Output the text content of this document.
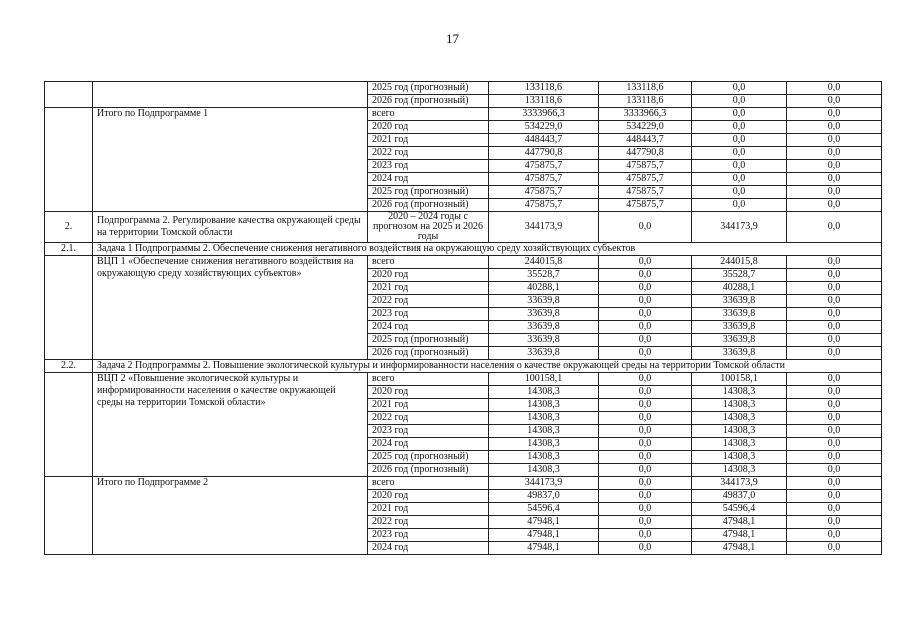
17
		2025 год (прогнозный)	133118,6	133118,6	0,0	0,0
		2026 год (прогнозный)	133118,6	133118,6	0,0	0,0
	Итого по Подпрограмме 1	всего	3333966,3	3333966,3	0,0	0,0
		2020 год	534229,0	534229,0	0,0	0,0
		2021 год	448443,7	448443,7	0,0	0,0
		2022 год	447790,8	447790,8	0,0	0,0
		2023 год	475875,7	475875,7	0,0	0,0
		2024 год	475875,7	475875,7	0,0	0,0
		2025 год (прогнозный)	475875,7	475875,7	0,0	0,0
		2026 год (прогнозный)	475875,7	475875,7	0,0	0,0
2.	Подпрограмма 2. Регулирование качества окружающей среды на территории Томской области	2020 – 2024 годы с прогнозом на 2025 и 2026 годы	344173,9	0,0	344173,9	0,0
2.1.	Задача 1 Подпрограммы 2. Обеспечение снижения негативного воздействия на окружающую среду хозяйствующих субъектов					
	ВЦП 1 «Обеспечение снижения негативного воздействия на окружающую среду хозяйствующих субъектов»	всего	244015,8	0,0	244015,8	0,0
		2020 год	35528,7	0,0	35528,7	0,0
		2021 год	40288,1	0,0	40288,1	0,0
		2022 год	33639,8	0,0	33639,8	0,0
		2023 год	33639,8	0,0	33639,8	0,0
		2024 год	33639,8	0,0	33639,8	0,0
		2025 год (прогнозный)	33639,8	0,0	33639,8	0,0
		2026 год (прогнозный)	33639,8	0,0	33639,8	0,0
2.2.	Задача 2 Подпрограммы 2. Повышение экологической культуры и информированности населения о качестве окружающей среды на территории Томской области					
	ВЦП 2 «Повышение экологической культуры и информированности населения о качестве окружающей среды на территории Томской области»	всего	100158,1	0,0	100158,1	0,0
		2020 год	14308,3	0,0	14308,3	0,0
		2021 год	14308,3	0,0	14308,3	0,0
		2022 год	14308,3	0,0	14308,3	0,0
		2023 год	14308,3	0,0	14308,3	0,0
		2024 год	14308,3	0,0	14308,3	0,0
		2025 год (прогнозный)	14308,3	0,0	14308,3	0,0
		2026 год (прогнозный)	14308,3	0,0	14308,3	0,0
	Итого по Подпрограмме 2	всего	344173,9	0,0	344173,9	0,0
		2020 год	49837,0	0,0	49837,0	0,0
		2021 год	54596,4	0,0	54596,4	0,0
		2022 год	47948,1	0,0	47948,1	0,0
		2023 год	47948,1	0,0	47948,1	0,0
		2024 год	47948,1	0,0	47948,1	0,0
